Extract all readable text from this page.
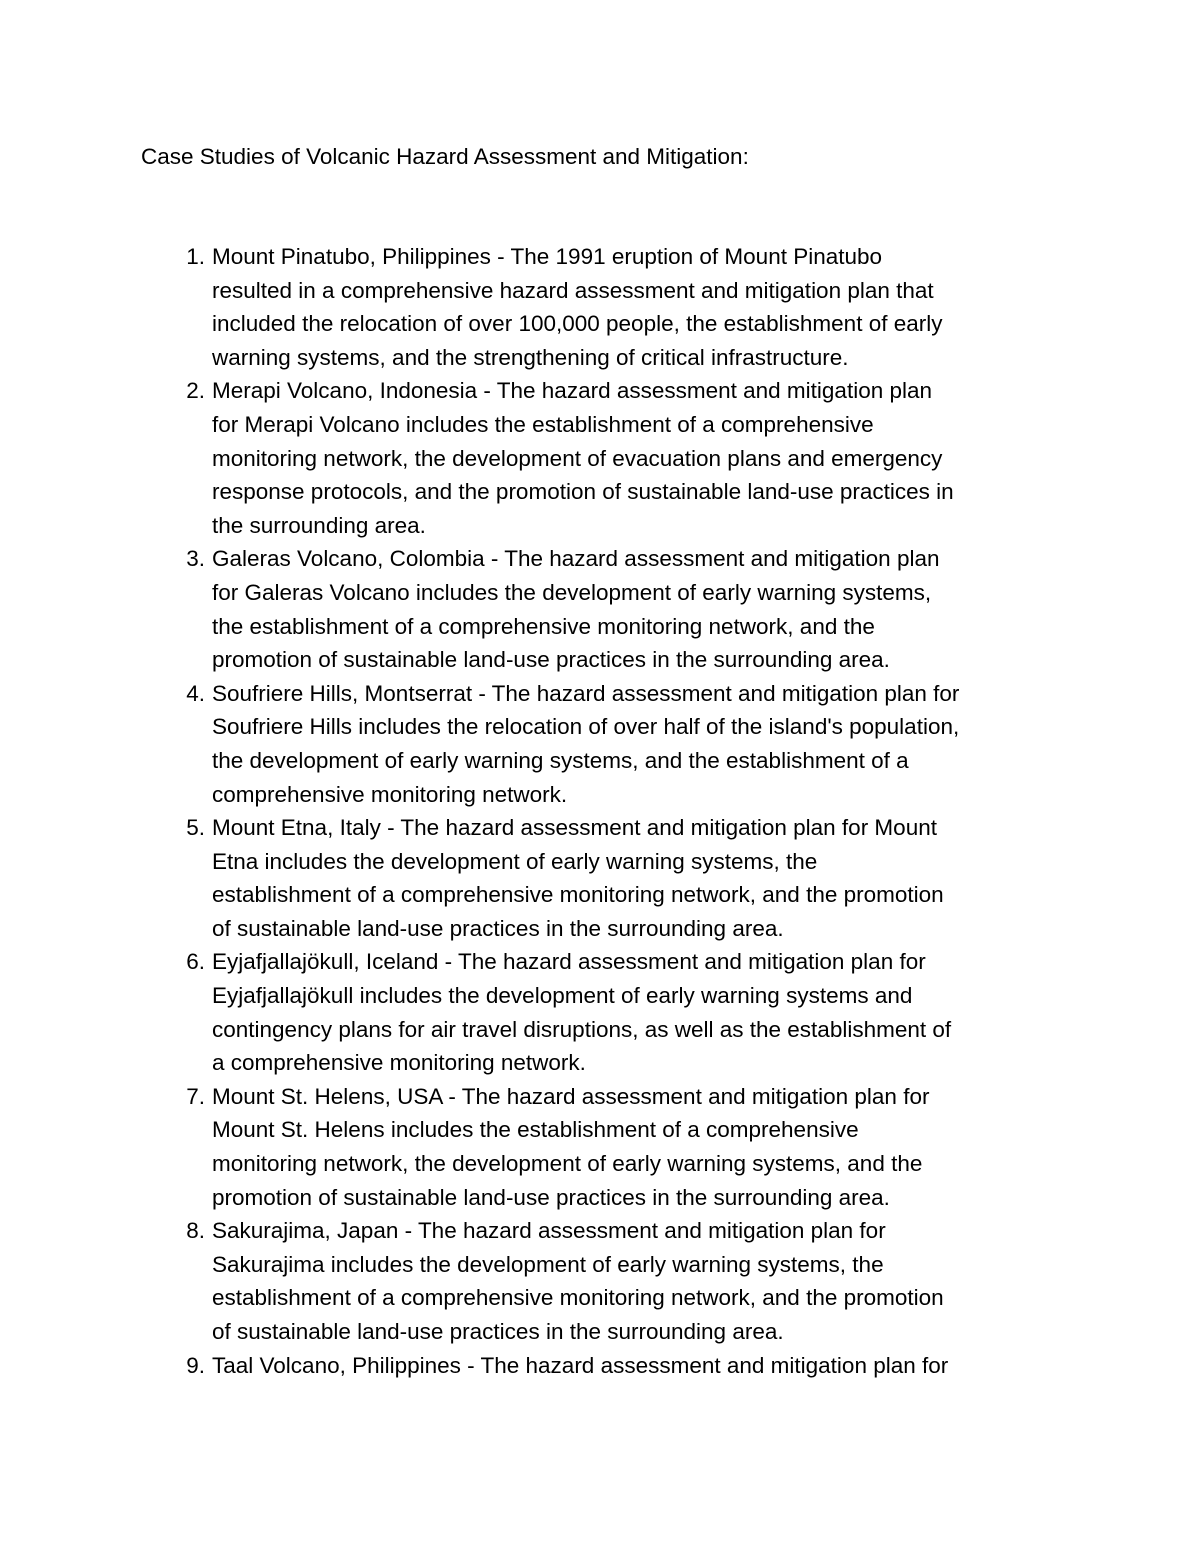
Case Studies of Volcanic Hazard Assessment and Mitigation:
1. Mount Pinatubo, Philippines - The 1991 eruption of Mount Pinatubo
resulted in a comprehensive hazard assessment and mitigation plan that
included the relocation of over 100,000 people, the establishment of early
warning systems, and the strengthening of critical infrastructure.
2. Merapi Volcano, Indonesia - The hazard assessment and mitigation plan
for Merapi Volcano includes the establishment of a comprehensive
monitoring network, the development of evacuation plans and emergency
response protocols, and the promotion of sustainable land-use practices in
the surrounding area.
3. Galeras Volcano, Colombia - The hazard assessment and mitigation plan
for Galeras Volcano includes the development of early warning systems,
the establishment of a comprehensive monitoring network, and the
promotion of sustainable land-use practices in the surrounding area.
4. Soufriere Hills, Montserrat - The hazard assessment and mitigation plan for
Soufriere Hills includes the relocation of over half of the island's population,
the development of early warning systems, and the establishment of a
comprehensive monitoring network.
5. Mount Etna, Italy - The hazard assessment and mitigation plan for Mount
Etna includes the development of early warning systems, the
establishment of a comprehensive monitoring network, and the promotion
of sustainable land-use practices in the surrounding area.
6. Eyjafjallajökull, Iceland - The hazard assessment and mitigation plan for
Eyjafjallajökull includes the development of early warning systems and
contingency plans for air travel disruptions, as well as the establishment of
a comprehensive monitoring network.
7. Mount St. Helens, USA - The hazard assessment and mitigation plan for
Mount St. Helens includes the establishment of a comprehensive
monitoring network, the development of early warning systems, and the
promotion of sustainable land-use practices in the surrounding area.
8. Sakurajima, Japan - The hazard assessment and mitigation plan for
Sakurajima includes the development of early warning systems, the
establishment of a comprehensive monitoring network, and the promotion
of sustainable land-use practices in the surrounding area.
9. Taal Volcano, Philippines - The hazard assessment and mitigation plan for
